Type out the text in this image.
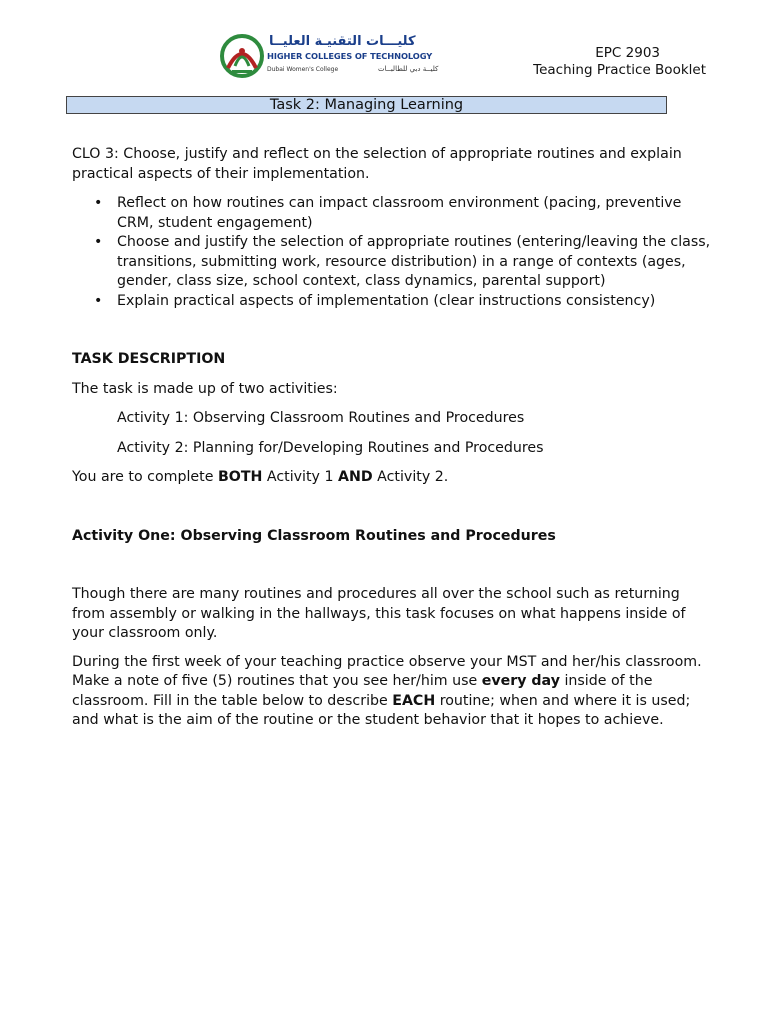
كليـــات التقنيـة العليــا
HIGHER COLLEGES OF TECHNOLOGY
Dubai Women's College	كليــة دبي للطالبــات
EPC 2903
Teaching Practice Booklet
Task 2: Managing Learning

CLO 3: Choose, justify and reflect on the selection of appropriate routines and explain practical aspects of their implementation.

• Reflect on how routines can impact classroom environment (pacing, preventive CRM, student engagement)
• Choose and justify the selection of appropriate routines (entering/leaving the class, transitions, submitting work, resource distribution) in a range of contexts (ages, gender, class size, school context, class dynamics, parental support)
• Explain practical aspects of implementation (clear instructions consistency)

TASK DESCRIPTION

The task is made up of two activities:

Activity 1: Observing Classroom Routines and Procedures

Activity 2: Planning for/Developing Routines and Procedures

You are to complete BOTH Activity 1 AND Activity 2.

Activity One: Observing Classroom Routines and Procedures

Though there are many routines and procedures all over the school such as returning from assembly or walking in the hallways, this task focuses on what happens inside of your classroom only.

During the first week of your teaching practice observe your MST and her/his classroom. Make a note of five (5) routines that you see her/him use every day inside of the classroom. Fill in the table below to describe EACH routine; when and where it is used; and what is the aim of the routine or the student behavior that it hopes to achieve.
